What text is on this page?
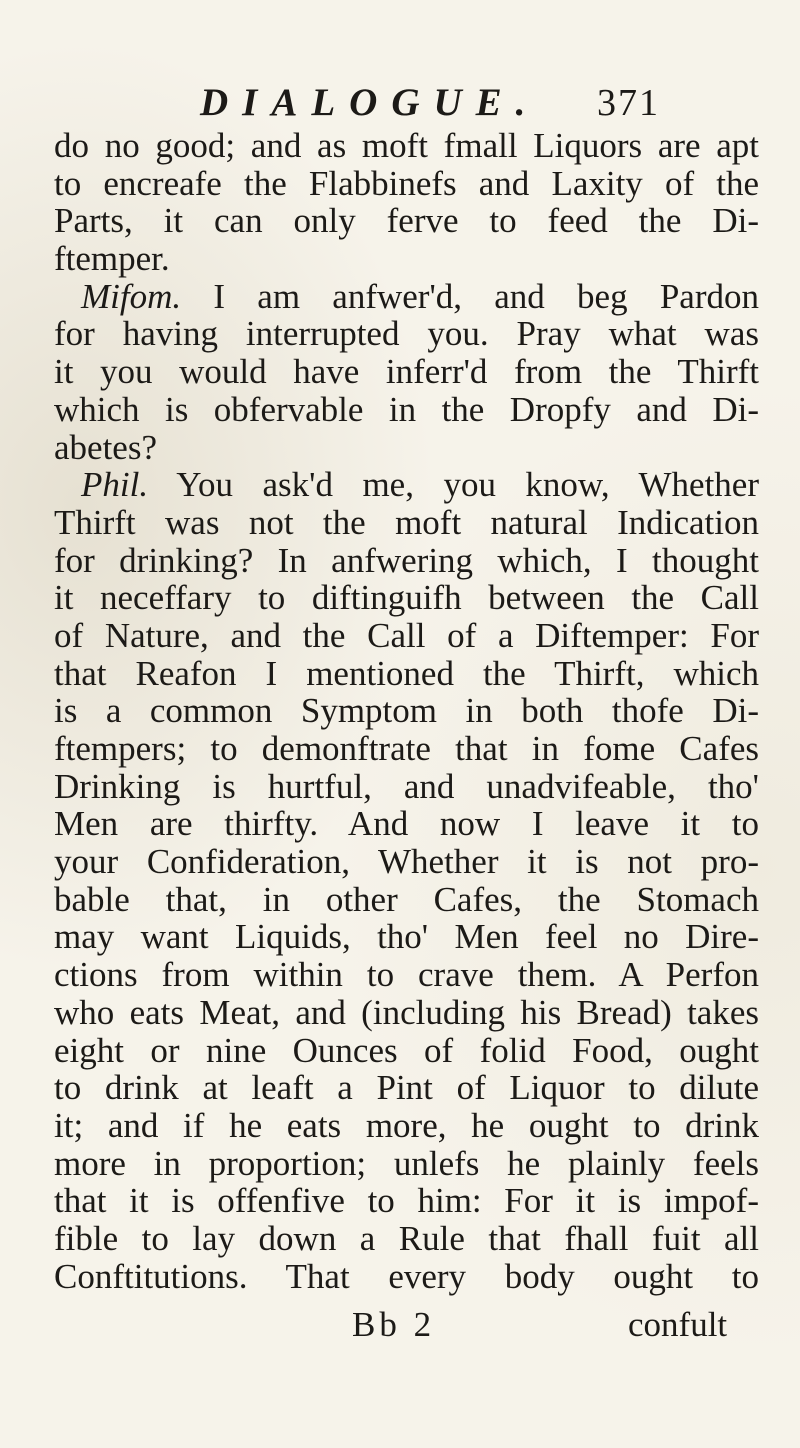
DIALOGUE. 371
do no good; and as moft fmall Liquors are apt
to encreafe the Flabbinefs and Laxity of the
Parts, it can only ferve to feed the Di-
ftemper.
Mifom. I am anfwer'd, and beg Pardon
for having interrupted you. Pray what was
it you would have inferr'd from the Thirft
which is obfervable in the Dropfy and Di-
abetes?
Phil. You ask'd me, you know, Whether
Thirft was not the moft natural Indication
for drinking? In anfwering which, I thought
it neceffary to diftinguifh between the Call
of Nature, and the Call of a Diftemper: For
that Reafon I mentioned the Thirft, which
is a common Symptom in both thofe Di-
ftempers; to demonftrate that in fome Cafes
Drinking is hurtful, and unadvifeable, tho'
Men are thirfty. And now I leave it to
your Confideration, Whether it is not pro-
bable that, in other Cafes, the Stomach
may want Liquids, tho' Men feel no Dire-
ctions from within to crave them. A Perfon
who eats Meat, and (including his Bread) takes
eight or nine Ounces of folid Food, ought
to drink at leaft a Pint of Liquor to dilute
it; and if he eats more, he ought to drink
more in proportion; unlefs he plainly feels
that it is offenfive to him: For it is impof-
fible to lay down a Rule that fhall fuit all
Conftitutions. That every body ought to
Bb 2	confult
